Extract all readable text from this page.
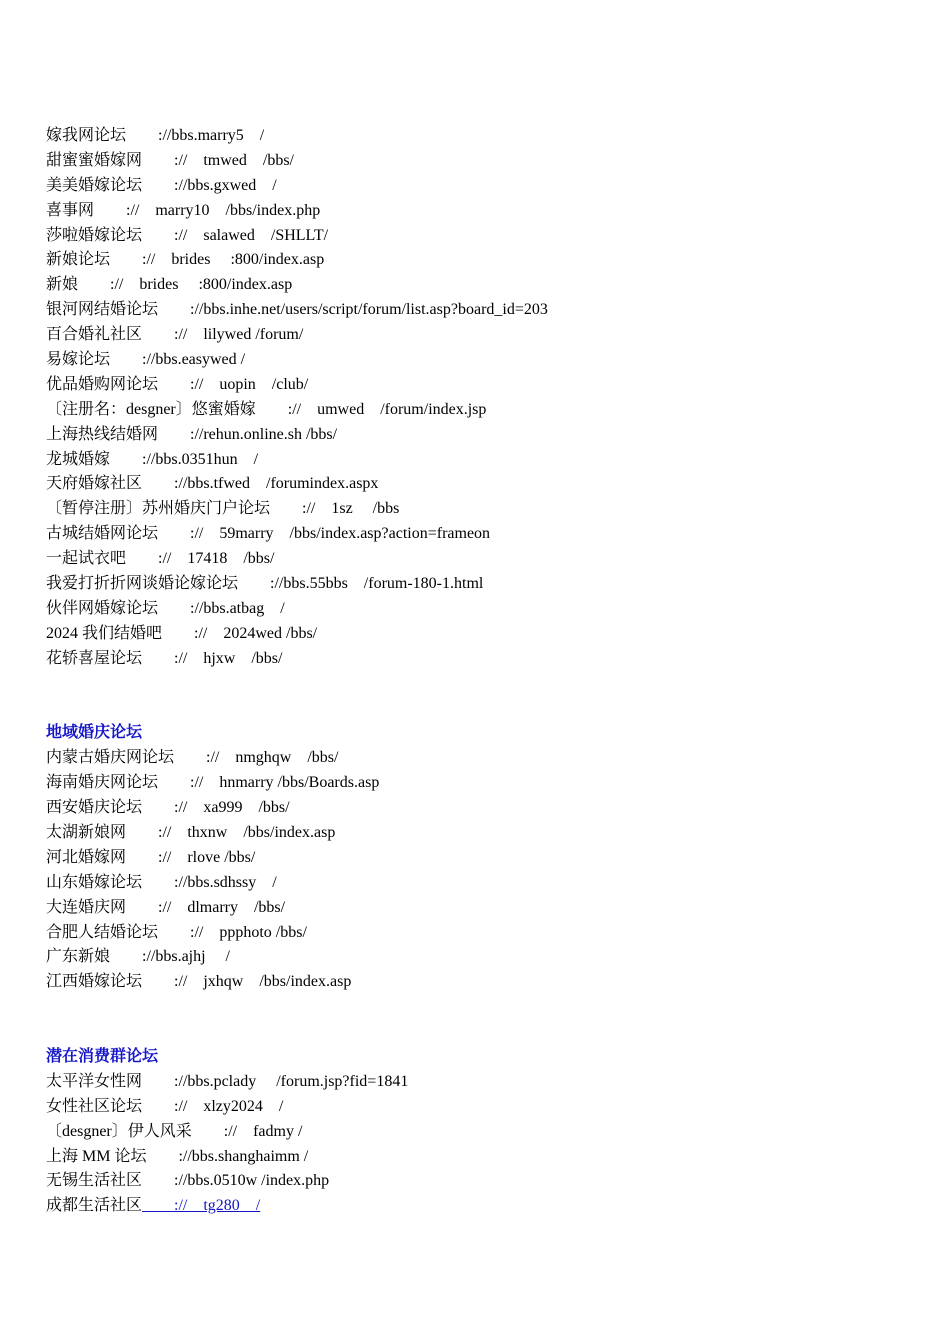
嫁我网论坛        ://bbs.marry5    /
甜蜜蜜婚嫁网        ://    tmwed    /bbs/
美美婚嫁论坛        ://bbs.gxwed    /
喜事网        ://    marry10    /bbs/index.php
莎啦婚嫁论坛        ://    salawed    /SHLLT/
新娘论坛        ://    brides     :800/index.asp
新娘        ://    brides     :800/index.asp
银河网结婚论坛        ://bbs.inhe.net/users/script/forum/list.asp?board_id=203
百合婚礼社区        ://    lilywed /forum/
易嫁论坛        ://bbs.easywed /
优品婚购网论坛        ://    uopin    /club/
〔注册名：desgner〕悠蜜婚嫁        ://    umwed    /forum/index.jsp
上海热线结婚网        ://rehun.online.sh /bbs/
龙城婚嫁        ://bbs.0351hun    /
天府婚嫁社区        ://bbs.tfwed    /forumindex.aspx
〔暂停注册〕苏州婚庆门户论坛        ://    1sz     /bbs
古城结婚网论坛        ://    59marry    /bbs/index.asp?action=frameon
一起试衣吧        ://    17418    /bbs/
我爱打折折网谈婚论嫁论坛        ://bbs.55bbs    /forum-180-1.html
伙伴网婚嫁论坛        ://bbs.atbag    /
2024 我们结婚吧        ://    2024wed /bbs/
花轿喜屋论坛        ://    hjxw    /bbs/
地域婚庆论坛
内蒙古婚庆网论坛        ://    nmghqw    /bbs/
海南婚庆网论坛        ://    hnmarry /bbs/Boards.asp
西安婚庆论坛        ://    xa999    /bbs/
太湖新娘网        ://    thxnw    /bbs/index.asp
河北婚嫁网        ://    rlove /bbs/
山东婚嫁论坛        ://bbs.sdhssy    /
大连婚庆网        ://    dlmarry    /bbs/
合肥人结婚论坛        ://    ppphoto /bbs/
广东新娘        ://bbs.ajhj     /
江西婚嫁论坛        ://    jxhqw    /bbs/index.asp
潜在消费群论坛
太平洋女性网        ://bbs.pclady     /forum.jsp?fid=1841
女性社区论坛        ://    xlzy2024    /
〔desgner〕伊人风采        ://    fadmy /
上海 MM 论坛        ://bbs.shanghaimm /
无锡生活社区        ://bbs.0510w /index.php
成都生活社区        ://    tg280    /
